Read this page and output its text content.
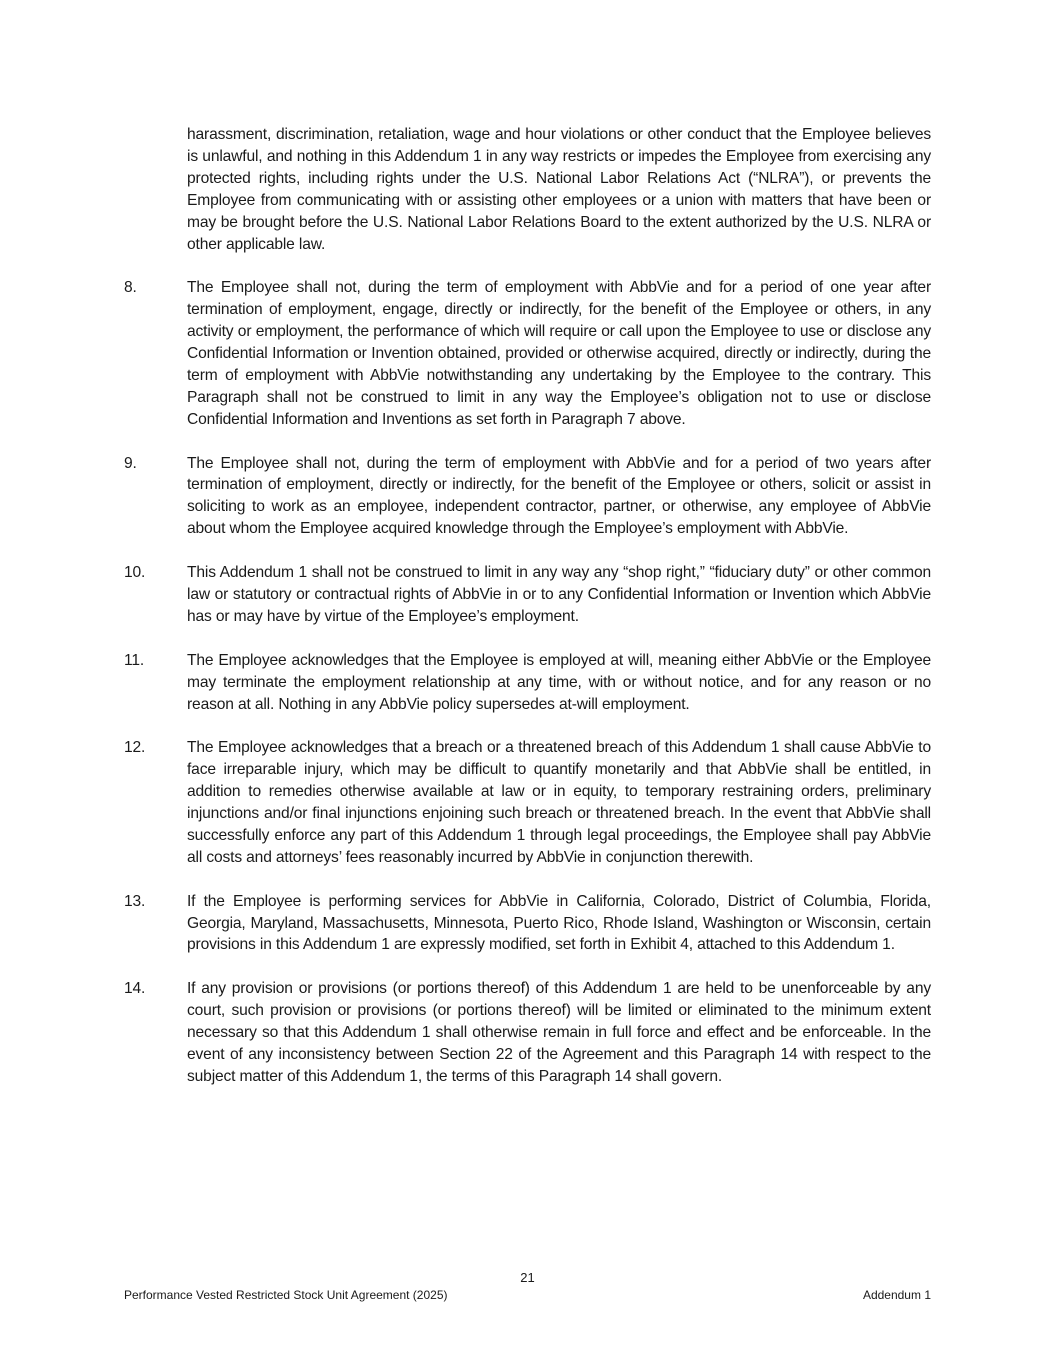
harassment, discrimination, retaliation, wage and hour violations or other conduct that the Employee believes is unlawful, and nothing in this Addendum 1 in any way restricts or impedes the Employee from exercising any protected rights, including rights under the U.S. National Labor Relations Act (“NLRA”), or prevents the Employee from communicating with or assisting other employees or a union with matters that have been or may be brought before the U.S. National Labor Relations Board to the extent authorized by the U.S. NLRA or other applicable law.
8.	The Employee shall not, during the term of employment with AbbVie and for a period of one year after termination of employment, engage, directly or indirectly, for the benefit of the Employee or others, in any activity or employment, the performance of which will require or call upon the Employee to use or disclose any Confidential Information or Invention obtained, provided or otherwise acquired, directly or indirectly, during the term of employment with AbbVie notwithstanding any undertaking by the Employee to the contrary. This Paragraph shall not be construed to limit in any way the Employee’s obligation not to use or disclose Confidential Information and Inventions as set forth in Paragraph 7 above.
9.	The Employee shall not, during the term of employment with AbbVie and for a period of two years after termination of employment, directly or indirectly, for the benefit of the Employee or others, solicit or assist in soliciting to work as an employee, independent contractor, partner, or otherwise, any employee of AbbVie about whom the Employee acquired knowledge through the Employee’s employment with AbbVie.
10.	This Addendum 1 shall not be construed to limit in any way any “shop right,” “fiduciary duty” or other common law or statutory or contractual rights of AbbVie in or to any Confidential Information or Invention which AbbVie has or may have by virtue of the Employee’s employment.
11.	The Employee acknowledges that the Employee is employed at will, meaning either AbbVie or the Employee may terminate the employment relationship at any time, with or without notice, and for any reason or no reason at all. Nothing in any AbbVie policy supersedes at-will employment.
12.	The Employee acknowledges that a breach or a threatened breach of this Addendum 1 shall cause AbbVie to face irreparable injury, which may be difficult to quantify monetarily and that AbbVie shall be entitled, in addition to remedies otherwise available at law or in equity, to temporary restraining orders, preliminary injunctions and/or final injunctions enjoining such breach or threatened breach. In the event that AbbVie shall successfully enforce any part of this Addendum 1 through legal proceedings, the Employee shall pay AbbVie all costs and attorneys’ fees reasonably incurred by AbbVie in conjunction therewith.
13.	If the Employee is performing services for AbbVie in California, Colorado, District of Columbia, Florida, Georgia, Maryland, Massachusetts, Minnesota, Puerto Rico, Rhode Island, Washington or Wisconsin, certain provisions in this Addendum 1 are expressly modified, set forth in Exhibit 4, attached to this Addendum 1.
14.	If any provision or provisions (or portions thereof) of this Addendum 1 are held to be unenforceable by any court, such provision or provisions (or portions thereof) will be limited or eliminated to the minimum extent necessary so that this Addendum 1 shall otherwise remain in full force and effect and be enforceable. In the event of any inconsistency between Section 22 of the Agreement and this Paragraph 14 with respect to the subject matter of this Addendum 1, the terms of this Paragraph 14 shall govern.
21
Performance Vested Restricted Stock Unit Agreement (2025)	Addendum 1
